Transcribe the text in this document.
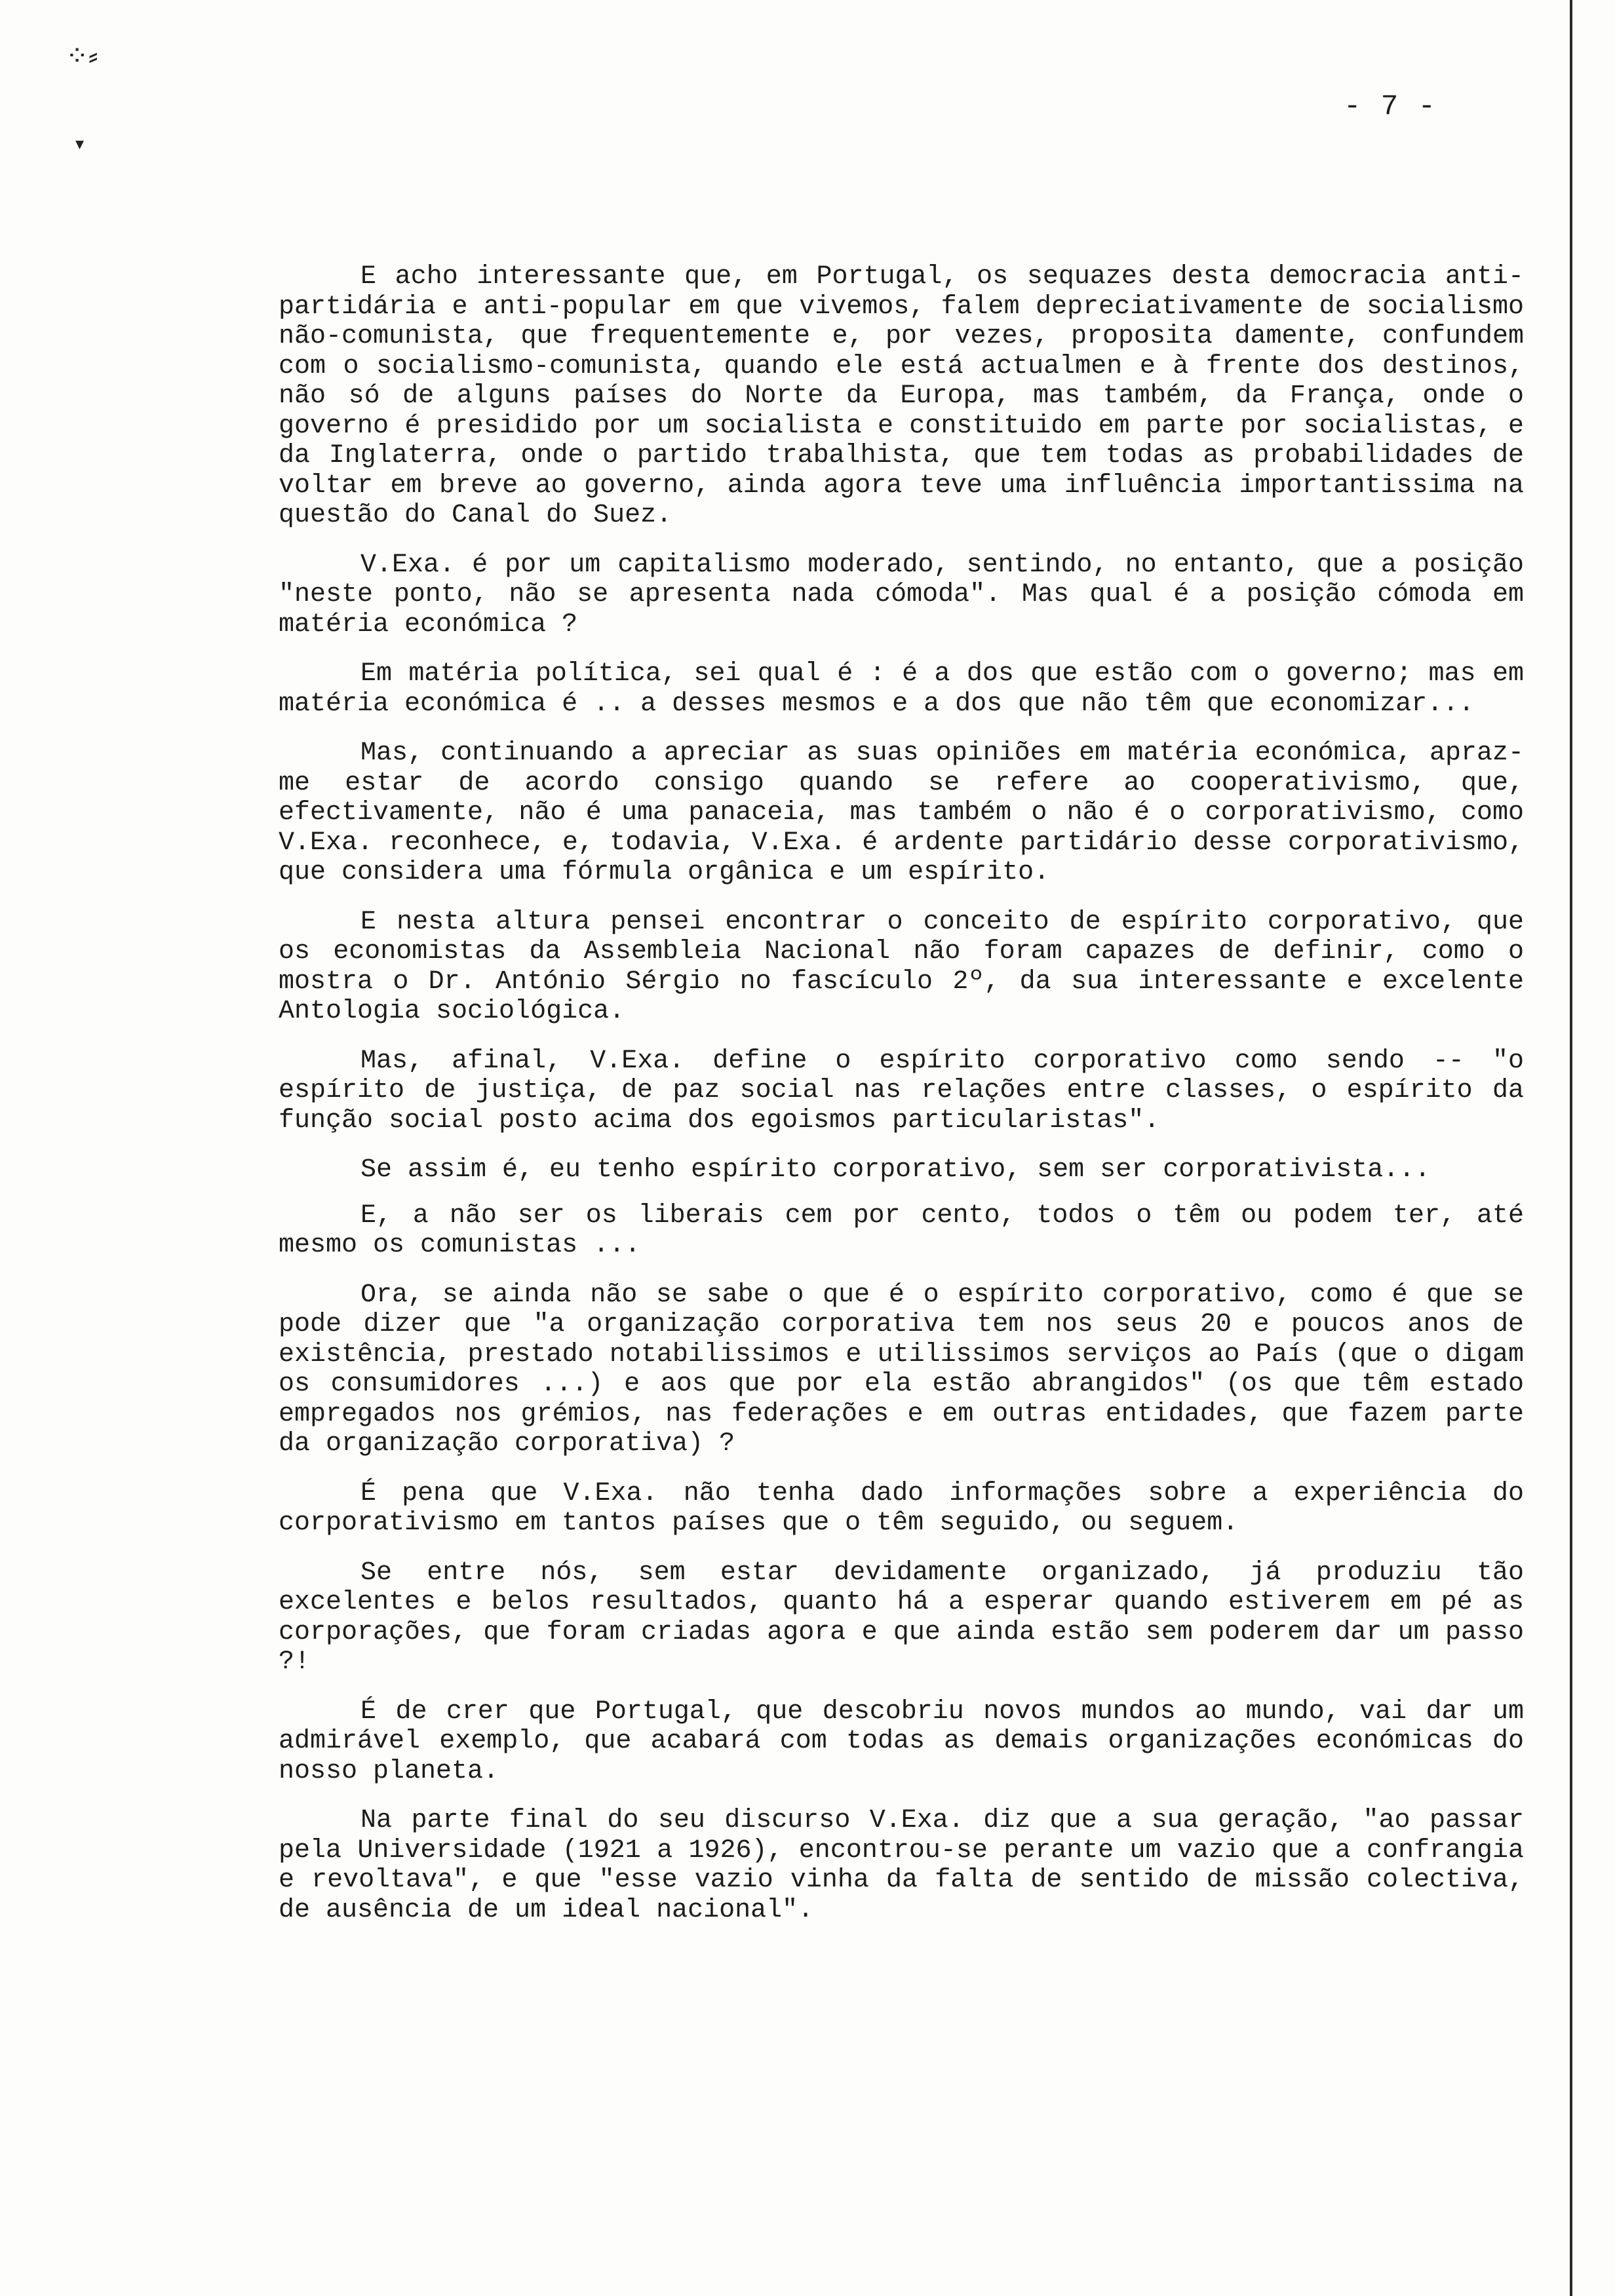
⁘⸗
▾
- 7 -

E acho interessante que, em Portugal, os sequazes desta democracia anti-partidária e anti-popular em que vivemos, falem depreciativamente de socialismo não-comunista, que frequentemente e, por vezes, proposita damente, confundem com o socialismo-comunista, quando ele está actualmen e à frente dos destinos, não só de alguns países do Norte da Europa, mas também, da França, onde o governo é presidido por um socialista e constituido em parte por socialistas, e da Inglaterra, onde o partido trabalhista, que tem todas as probabilidades de voltar em breve ao governo, ainda agora teve uma influência importantissima na questão do Canal do Suez.

V.Exa. é por um capitalismo moderado, sentindo, no entanto, que a posição "neste ponto, não se apresenta nada cómoda". Mas qual é a posição cómoda em matéria económica ?

Em matéria política, sei qual é : é a dos que estão com o governo; mas em matéria económica é .. a desses mesmos e a dos que não têm que economizar...

Mas, continuando a apreciar as suas opiniões em matéria económica, apraz-me estar de acordo consigo quando se refere ao cooperativismo, que, efectivamente, não é uma panaceia, mas também o não é o corporativismo, como V.Exa. reconhece, e, todavia, V.Exa. é ardente partidário desse corporativismo, que considera uma fórmula orgânica e um espírito.

E nesta altura pensei encontrar o conceito de espírito corporativo, que os economistas da Assembleia Nacional não foram capazes de definir, como o mostra o Dr. António Sérgio no fascículo 2º, da sua interessante e excelente Antologia sociológica.

Mas, afinal, V.Exa. define o espírito corporativo como sendo -- "o espírito de justiça, de paz social nas relações entre classes, o espírito da função social posto acima dos egoismos particularistas".

Se assim é, eu tenho espírito corporativo, sem ser corporativista...

E, a não ser os liberais cem por cento, todos o têm ou podem ter, até mesmo os comunistas ...

Ora, se ainda não se sabe o que é o espírito corporativo, como é que se pode dizer que "a organização corporativa tem nos seus 20 e poucos anos de existência, prestado notabilissimos e utilissimos serviços ao País (que o digam os consumidores ...) e aos que por ela estão abrangidos" (os que têm estado empregados nos grémios, nas federações e em outras entidades, que fazem parte da organização corporativa) ?

É pena que V.Exa. não tenha dado informações sobre a experiência do corporativismo em tantos países que o têm seguido, ou seguem.

Se entre nós, sem estar devidamente organizado, já produziu tão excelentes e belos resultados, quanto há a esperar quando estiverem em pé as corporações, que foram criadas agora e que ainda estão sem poderem dar um passo ?!

É de crer que Portugal, que descobriu novos mundos ao mundo, vai dar um admirável exemplo, que acabará com todas as demais organizações económicas do nosso planeta.

Na parte final do seu discurso V.Exa. diz que a sua geração, "ao passar pela Universidade (1921 a 1926), encontrou-se perante um vazio que a confrangia e revoltava", e que "esse vazio vinha da falta de sentido de missão colectiva, de ausência de um ideal nacional".
